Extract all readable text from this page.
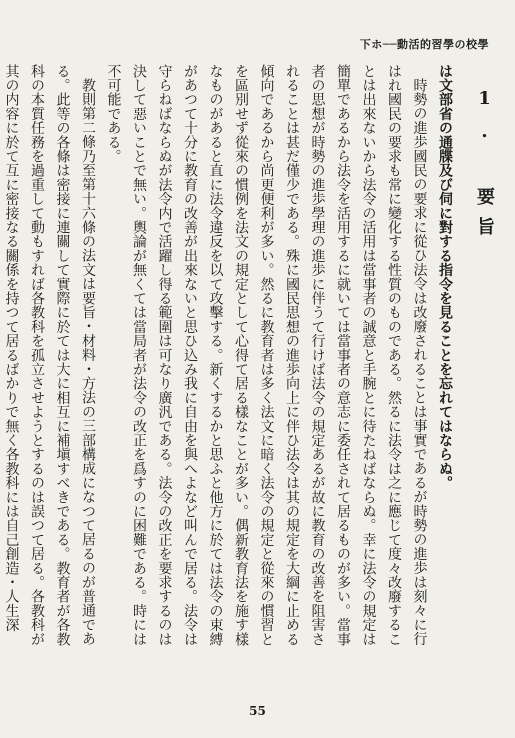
學校の學習的活動──ホ下
1. 要旨

は文部省の通牒及び伺に對する指令を見ることを忘れてはならぬ。

時勢の進歩國民の要求に從ひ法令は改廢されることは事實であるが時勢の進歩は刻々に行はれ國民の要求も常に變化する性質のものである。然るに法令は之に應じて度々改廢することは出來ないから法令の活用は當事者の誠意と手腕とに待たねばならぬ。幸に法令の規定は簡單であるから法令を活用するに就いては當事者の意志に委任されて居るものが多い。當事者の思想が時勢の進歩學理の進歩に伴うて行けば法令の規定あるが故に教育の改善を阻害されることは甚だ僅少である。殊に國民思想の進歩向上に伴ひ法令は其の規定を大綱に止める傾向であるから尚更便利が多い。然るに教育者は多く法文に暗く法令の規定と從來の慣習とを區別せず從來の慣例を法文の規定として心得て居る樣なことが多い。偶新教育法を施す樣なものがあると直に法令違反を以て攻擊する。新くするかと思ふと他方に於ては法令の束縛があつて十分に教育の改善が出來ないと思ひ込み我に自由を與へよなど叫んで居る。法令は守らねばならぬが法令内で活躍し得る範圍は可なり廣汎である。法令の改正を要求するのは決して惡いことで無い。輿論が無くては當局者が法令の改正を爲すのに困難である。時には不可能である。

教則第二條乃至第十六條の法文は要旨・材料・方法の三部構成になつて居るのが普通である。此等の各條は密接に連關して實際に於ては大に相互に補塡すべきである。教育者が各教科の本質任務を過重して動もすれば各教科を孤立させようとするのは誤つて居る。各教科が其の内容に於て互に密接なる關係を持つて居るばかりで無く各教科には自己創造・人生深

55
